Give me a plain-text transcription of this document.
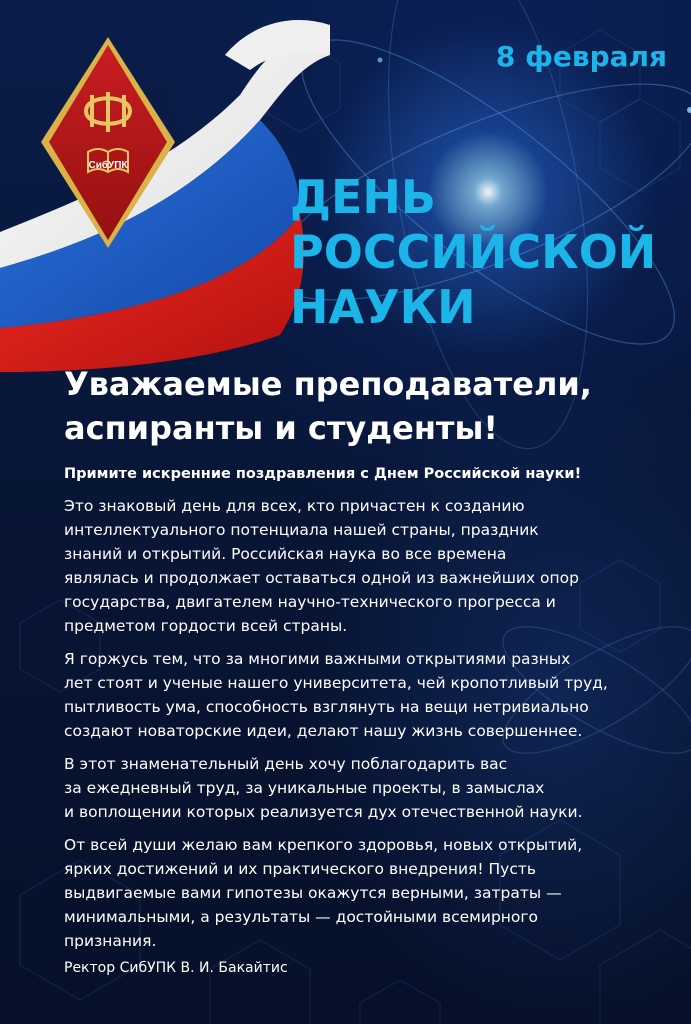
СибУПК
8 февраля
ДЕНЬ
РОССИЙСКОЙ
НАУКИ
Уважаемые преподаватели,
аспиранты и студенты!

Примите искренние поздравления с Днем Российской науки!

Это знаковый день для всех, кто причастен к созданию
интеллектуального потенциала нашей страны, праздник
знаний и открытий. Российская наука во все времена
являлась и продолжает оставаться одной из важнейших опор
государства, двигателем научно-технического прогресса и
предметом гордости всей страны.
Я горжусь тем, что за многими важными открытиями разных
лет стоят и ученые нашего университета, чей кропотливый труд,
пытливость ума, способность взглянуть на вещи нетривиально
создают новаторские идеи, делают нашу жизнь совершеннее.
В этот знаменательный день хочу поблагодарить вас
за ежедневный труд, за уникальные проекты, в замыслах
и воплощении которых реализуется дух отечественной науки.
От всей души желаю вам крепкого здоровья, новых открытий,
ярких достижений и их практического внедрения! Пусть
выдвигаемые вами гипотезы окажутся верными, затраты —
минимальными, а результаты — достойными всемирного
признания.
Ректор СибУПК В. И. Бакайтис
